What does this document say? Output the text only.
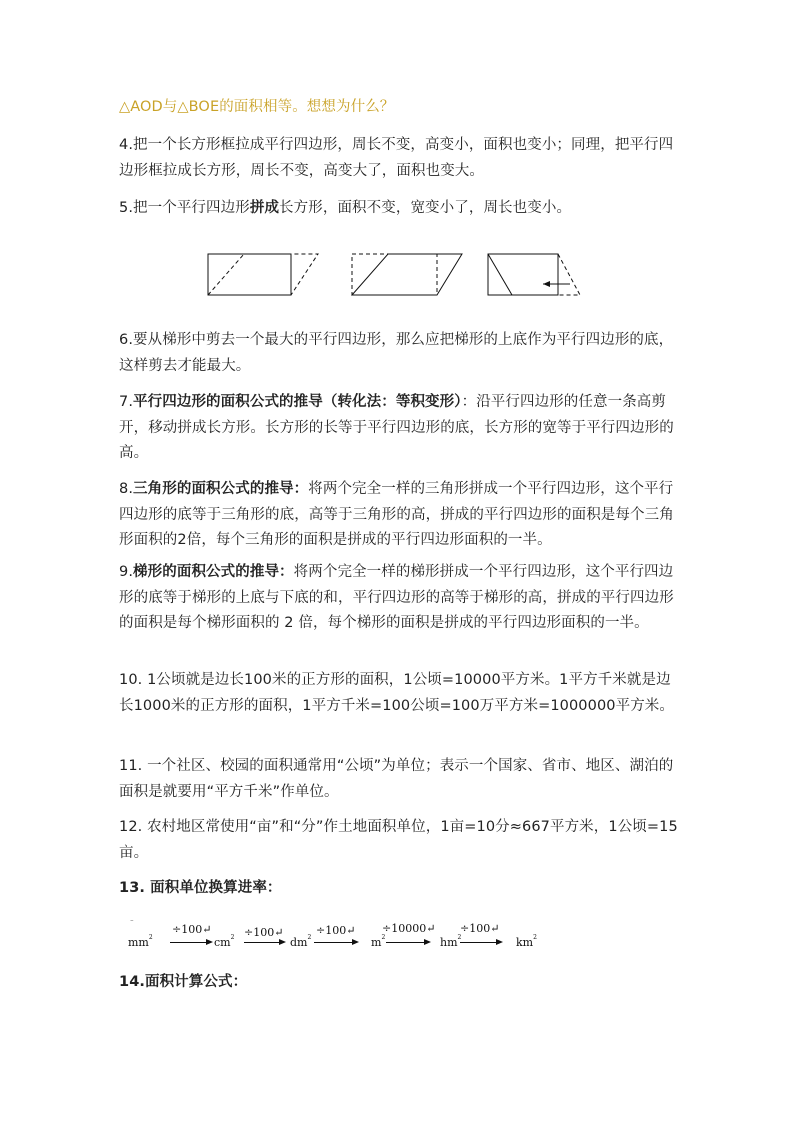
△AOD与△BOE的面积相等。想想为什么？
4.把一个长方形框拉成平行四边形，周长不变，高变小，面积也变小；同理，把平行四边形框拉成长方形，周长不变，高变大了，面积也变大。
5.把一个平行四边形拼成长方形，面积不变，宽变小了，周长也变小。
6.要从梯形中剪去一个最大的平行四边形，那么应把梯形的上底作为平行四边形的底，这样剪去才能最大。
7.平行四边形的面积公式的推导（转化法：等积变形）：沿平行四边形的任意一条高剪开，移动拼成长方形。长方形的长等于平行四边形的底，长方形的宽等于平行四边形的高。
8.三角形的面积公式的推导：将两个完全一样的三角形拼成一个平行四边形，这个平行四边形的底等于三角形的底，高等于三角形的高，拼成的平行四边形的面积是每个三角形面积的2倍，每个三角形的面积是拼成的平行四边形面积的一半。
9.梯形的面积公式的推导：将两个完全一样的梯形拼成一个平行四边形，这个平行四边形的底等于梯形的上底与下底的和，平行四边形的高等于梯形的高，拼成的平行四边形的面积是每个梯形面积的 2 倍，每个梯形的面积是拼成的平行四边形面积的一半。
10. 1公顷就是边长100米的正方形的面积，1公顷=10000平方米。1平方千米就是边长1000米的正方形的面积，1平方千米=100公顷=100万平方米=1000000平方米。
11. 一个社区、校园的面积通常用“公顷”为单位；表示一个国家、省市、地区、湖泊的面积是就要用“平方千米”作单位。
12. 农村地区常使用“亩”和“分”作土地面积单位，1亩=10分≈667平方米，1公顷=15亩。
13. 面积单位换算进率：
⁻
$mm^2$
÷100↵
$cm^2$ ÷100↵
$dm^2$
÷100↵
$m^2$
÷10000↵
$hm^2$
÷100↵
$km^2$
14.面积计算公式：
